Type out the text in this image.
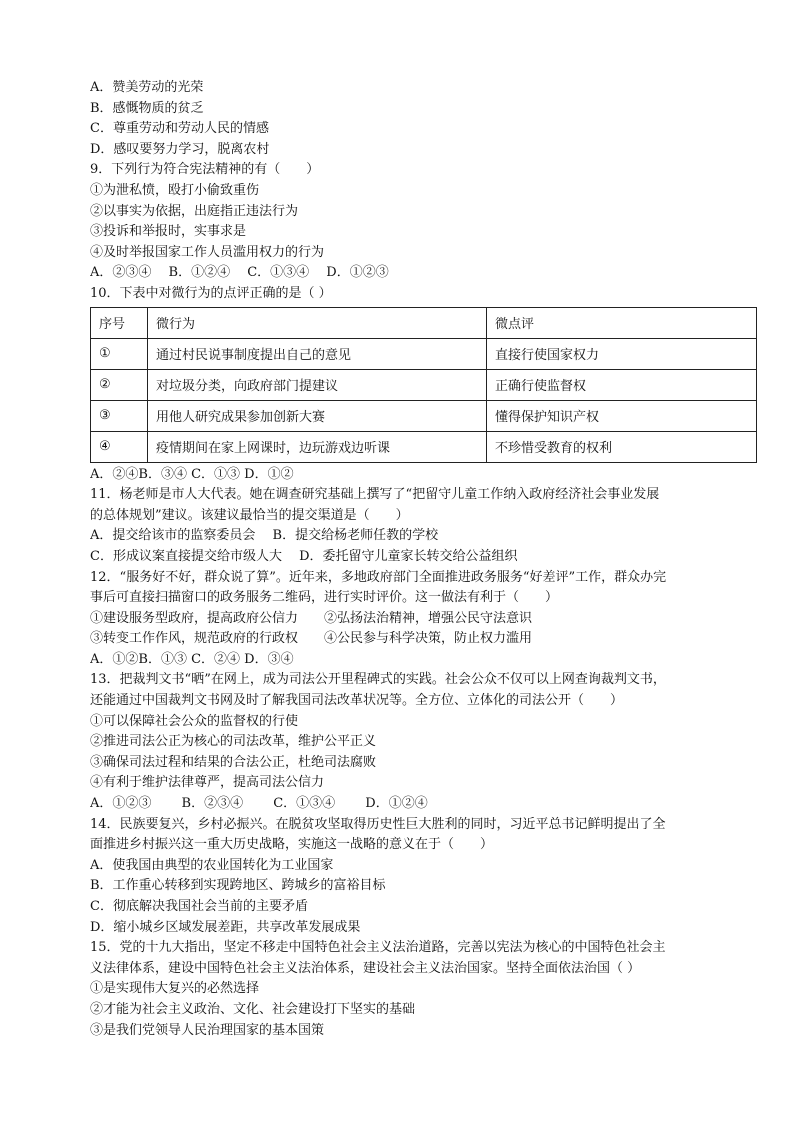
A．赞美劳动的光荣
B．感慨物质的贫乏
C．尊重劳动和劳动人民的情感
D．感叹要努力学习，脱离农村
9．下列行为符合宪法精神的有（　　）
①为泄私愤，殴打小偷致重伤
②以事实为依据，出庭指正违法行为
③投诉和举报时，实事求是
④及时举报国家工作人员滥用权力的行为
A．②③④　 B．①②④　 C．①③④　 D．①②③
10．下表中对微行为的点评正确的是（ ）
序号	微行为	微点评
①	通过村民说事制度提出自己的意见	直接行使国家权力
②	对垃圾分类，向政府部门提建议	正确行使监督权
③	用他人研究成果参加创新大赛	懂得保护知识产权
④	疫情期间在家上网课时，边玩游戏边听课	不珍惜受教育的权利
A．②④B．③④ C．①③ D．①②
11．杨老师是市人大代表。她在调查研究基础上撰写了“把留守儿童工作纳入政府经济社会事业发展
的总体规划”建议。该建议最恰当的提交渠道是（　　）
A．提交给该市的监察委员会　 B．提交给杨老师任教的学校
C．形成议案直接提交给市级人大　 D．委托留守儿童家长转交给公益组织
12．“服务好不好，群众说了算”。近年来，多地政府部门全面推进政务服务“好差评”工作，群众办完
事后可直接扫描窗口的政务服务二维码，进行实时评价。这一做法有利于（　　）
①建设服务型政府，提高政府公信力　　②弘扬法治精神，增强公民守法意识
③转变工作作风，规范政府的行政权　　④公民参与科学决策，防止权力滥用
A．①②B．①③ C．②④ D．③④
13．把裁判文书“晒”在网上，成为司法公开里程碑式的实践。社会公众不仅可以上网查询裁判文书，
还能通过中国裁判文书网及时了解我国司法改革状况等。全方位、立体化的司法公开（　　）
①可以保障社会公众的监督权的行使
②推进司法公正为核心的司法改革，维护公平正义
③确保司法过程和结果的合法公正，杜绝司法腐败
④有利于维护法律尊严，提高司法公信力
A．①②③　　 B．②③④　　 C．①③④　　 D．①②④
14．民族要复兴，乡村必振兴。在脱贫攻坚取得历史性巨大胜利的同时，习近平总书记鲜明提出了全
面推进乡村振兴这一重大历史战略，实施这一战略的意义在于（　　）
A．使我国由典型的农业国转化为工业国家
B．工作重心转移到实现跨地区、跨城乡的富裕目标
C．彻底解决我国社会当前的主要矛盾
D．缩小城乡区域发展差距，共享改革发展成果
15．党的十九大指出，坚定不移走中国特色社会主义法治道路，完善以宪法为核心的中国特色社会主
义法律体系，建设中国特色社会主义法治体系，建设社会主义法治国家。坚持全面依法治国（ ）
①是实现伟大复兴的必然选择
②才能为社会主义政治、文化、社会建设打下坚实的基础
③是我们党领导人民治理国家的基本国策
